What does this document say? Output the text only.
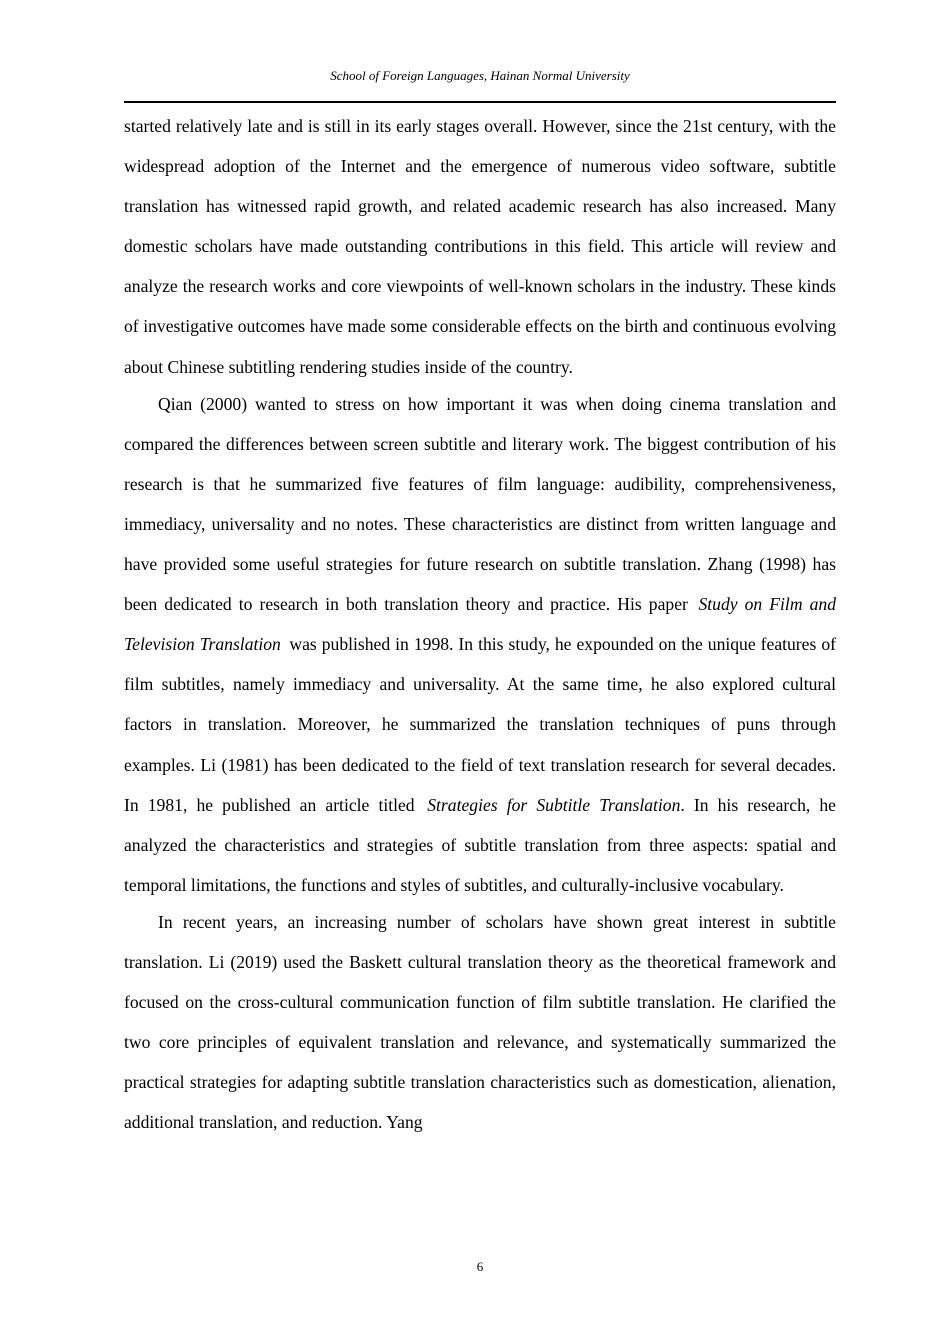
School of Foreign Languages, Hainan Normal University

started relatively late and is still in its early stages overall. However, since the 21st century, with the widespread adoption of the Internet and the emergence of numerous video software, subtitle translation has witnessed rapid growth, and related academic research has also increased. Many domestic scholars have made outstanding contributions in this field. This article will review and analyze the research works and core viewpoints of well-known scholars in the industry. These kinds of investigative outcomes have made some considerable effects on the birth and continuous evolving about Chinese subtitling rendering studies inside of the country.

Qian (2000) wanted to stress on how important it was when doing cinema translation and compared the differences between screen subtitle and literary work. The biggest contribution of his research is that he summarized five features of film language: audibility, comprehensiveness, immediacy, universality and no notes. These characteristics are distinct from written language and have provided some useful strategies for future research on subtitle translation. Zhang (1998) has been dedicated to research in both translation theory and practice. His paper  Study on Film and Television Translation  was published in 1998. In this study, he expounded on the unique features of film subtitles, namely immediacy and universality. At the same time, he also explored cultural factors in translation. Moreover, he summarized the translation techniques of puns through examples. Li (1981) has been dedicated to the field of text translation research for several decades. In 1981, he published an article titled  Strategies for Subtitle Translation. In his research, he analyzed the characteristics and strategies of subtitle translation from three aspects: spatial and temporal limitations, the functions and styles of subtitles, and culturally-inclusive vocabulary.

In recent years, an increasing number of scholars have shown great interest in subtitle translation. Li (2019) used the Baskett cultural translation theory as the theoretical framework and focused on the cross-cultural communication function of film subtitle translation. He clarified the two core principles of equivalent translation and relevance, and systematically summarized the practical strategies for adapting subtitle translation characteristics such as domestication, alienation, additional translation, and reduction. Yang

6
